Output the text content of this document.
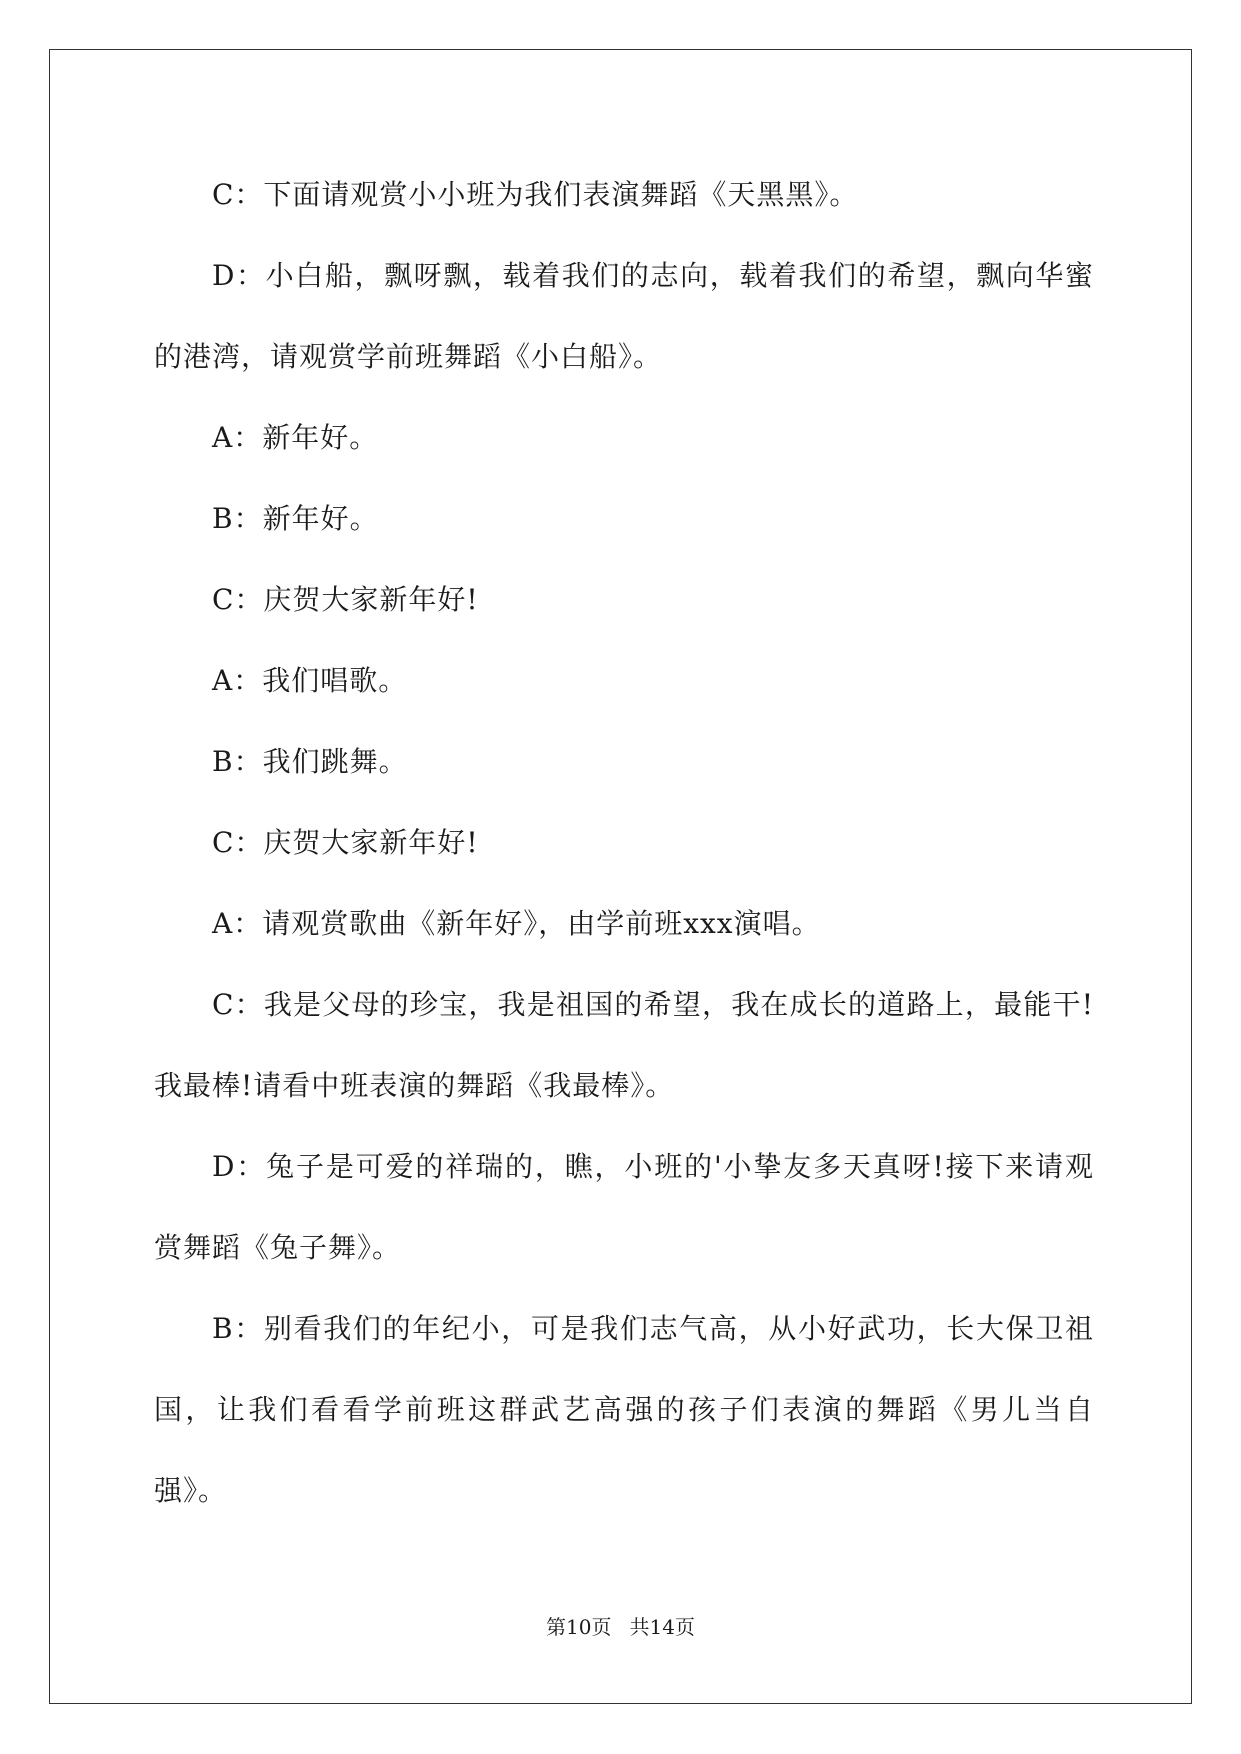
C：下面请观赏小小班为我们表演舞蹈《天黑黑》。

D：小白船，飘呀飘，载着我们的志向，载着我们的希望，飘向华蜜的港湾，请观赏学前班舞蹈《小白船》。

A：新年好。

B：新年好。

C：庆贺大家新年好!

A：我们唱歌。

B：我们跳舞。

C：庆贺大家新年好!

A：请观赏歌曲《新年好》，由学前班xxx演唱。

C：我是父母的珍宝，我是祖国的希望，我在成长的道路上，最能干!我最棒!请看中班表演的舞蹈《我最棒》。

D：兔子是可爱的祥瑞的，瞧，小班的'小挚友多天真呀!接下来请观赏舞蹈《兔子舞》。

B：别看我们的年纪小，可是我们志气高，从小好武功，长大保卫祖国，让我们看看学前班这群武艺高强的孩子们表演的舞蹈《男儿当自强》。

第10页 共14页
